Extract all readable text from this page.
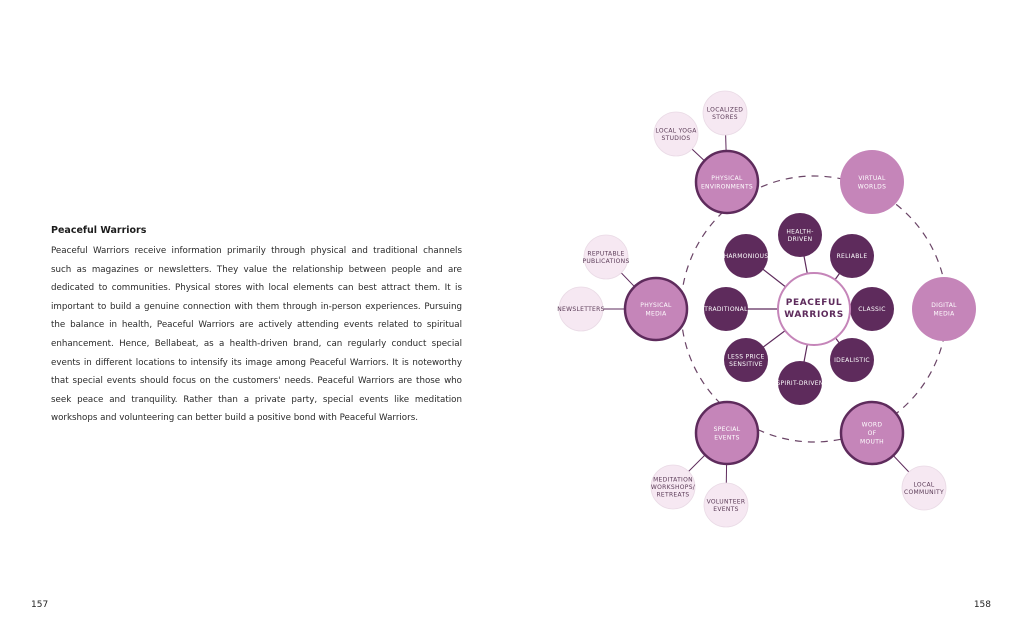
Peaceful Warriors

Peaceful Warriors receive information primarily through physical and traditional channels such as magazines or newsletters. They value the relationship between people and are dedicated to communities. Physical stores with local elements can best attract them. It is important to build a genuine connection with them through in-person experiences. Pursuing the balance in health, Peaceful Warriors are actively attending events related to spiritual enhancement. Hence, Bellabeat, as a health-driven brand, can regularly conduct special events in different locations to intensify its image among Peaceful Warriors. It is noteworthy that special events should focus on the customers' needs. Peaceful Warriors are those who seek peace and tranquility. Rather than a private party, special events like meditation workshops and volunteering can better build a positive bond with Peaceful Warriors.

LOCALIZED STORES
LOCAL YOGA STUDIOS
REPUTABLE PUBLICATIONS
NEWSLETTERS
MEDITATION WORKSHOPS/ RETREATS
VOLUNTEER EVENTS
LOCAL COMMUNITY
PHYSICAL ENVIRONMENTS
VIRTUAL WORLDS
DIGITAL MEDIA
WORD OF MOUTH
SPECIAL EVENTS
PHYSICAL MEDIA
HEALTH-DRIVEN
RELIABLE
CLASSIC
IDEALISTIC
SPIRIT-DRIVEN
LESS PRICE SENSITIVE
TRADITIONAL
HARMONIOUS
PEACEFUL WARRIORS
157	158
